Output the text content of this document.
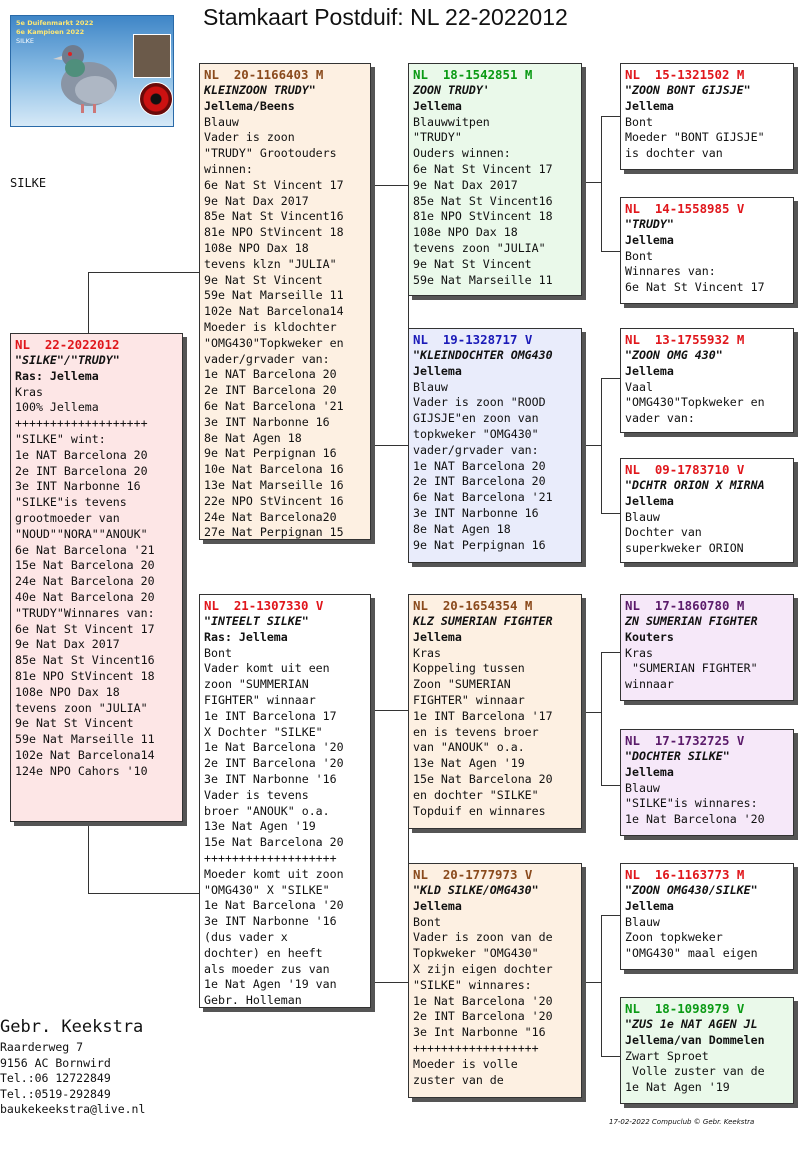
Stamkaart Postduif: NL 22-2022012
5e Duifenmarkt 2022
6e Kampioen 2022
SILKE
SILKE
NL  22-2022012
"SILKE"/"TRUDY"
Ras: Jellema
Kras
100% Jellema
+++++++++++++++++++
"SILKE" wint:
1e NAT Barcelona 20
2e INT Barcelona 20
3e INT Narbonne 16
"SILKE"is tevens
grootmoeder van
"NOUD""NORA""ANOUK"
6e Nat Barcelona '21
15e Nat Barcelona 20
24e Nat Barcelona 20
40e Nat Barcelona 20
"TRUDY"Winnares van:
6e Nat St Vincent 17
9e Nat Dax 2017
85e Nat St Vincent16
81e NPO StVincent 18
108e NPO Dax 18
tevens zoon "JULIA"
9e Nat St Vincent
59e Nat Marseille 11
102e Nat Barcelona14
124e NPO Cahors '10
NL  20-1166403 M
KLEINZOON TRUDY"
Jellema/Beens
Blauw
Vader is zoon
"TRUDY" Grootouders
winnen:
6e Nat St Vincent 17
9e Nat Dax 2017
85e Nat St Vincent16
81e NPO StVincent 18
108e NPO Dax 18
tevens klzn "JULIA"
9e Nat St Vincent
59e Nat Marseille 11
102e Nat Barcelona14
Moeder is kldochter
"OMG430"Topkweker en
vader/grvader van:
1e NAT Barcelona 20
2e INT Barcelona 20
6e Nat Barcelona '21
3e INT Narbonne 16
8e Nat Agen 18
9e Nat Perpignan 16
10e Nat Barcelona 16
13e Nat Marseille 16
22e NPO StVincent 16
24e Nat Barcelona20
27e Nat Perpignan 15
NL  21-1307330 V
"INTEELT SILKE"
Ras: Jellema
Bont
Vader komt uit een
zoon "SUMMERIAN
FIGHTER" winnaar
1e INT Barcelona 17
X Dochter "SILKE"
1e Nat Barcelona '20
2e INT Barcelona '20
3e INT Narbonne '16
Vader is tevens
broer "ANOUK" o.a.
13e Nat Agen '19
15e Nat Barcelona 20
+++++++++++++++++++
Moeder komt uit zoon
"OMG430" X "SILKE"
1e Nat Barcelona '20
3e INT Narbonne '16
(dus vader x
dochter) en heeft
als moeder zus van
1e Nat Agen '19 van
Gebr. Holleman
NL  18-1542851 M
ZOON TRUDY'
Jellema
Blauwwitpen
"TRUDY"
Ouders winnen:
6e Nat St Vincent 17
9e Nat Dax 2017
85e Nat St Vincent16
81e NPO StVincent 18
108e NPO Dax 18
tevens zoon "JULIA"
9e Nat St Vincent
59e Nat Marseille 11
NL  19-1328717 V
"KLEINDOCHTER OMG430
Jellema
Blauw
Vader is zoon "ROOD
GIJSJE"en zoon van
topkweker "OMG430"
vader/grvader van:
1e NAT Barcelona 20
2e INT Barcelona 20
6e Nat Barcelona '21
3e INT Narbonne 16
8e Nat Agen 18
9e Nat Perpignan 16
NL  20-1654354 M
KLZ SUMERIAN FIGHTER
Jellema
Kras
Koppeling tussen
Zoon "SUMERIAN
FIGHTER" winnaar
1e INT Barcelona '17
en is tevens broer
van "ANOUK" o.a.
13e Nat Agen '19
15e Nat Barcelona 20
en dochter "SILKE"
Topduif en winnares
NL  20-1777973 V
"KLD SILKE/OMG430"
Jellema
Bont
Vader is zoon van de
Topkweker "OMG430"
X zijn eigen dochter
"SILKE" winnares:
1e Nat Barcelona '20
2e INT Barcelona '20
3e Int Narbonne "16
++++++++++++++++++
Moeder is volle
zuster van de
NL  15-1321502 M
"ZOON BONT GIJSJE"
Jellema
Bont
Moeder "BONT GIJSJE"
is dochter van
NL  14-1558985 V
"TRUDY"
Jellema
Bont
Winnares van:
6e Nat St Vincent 17
NL  13-1755932 M
"ZOON OMG 430"
Jellema
Vaal
"OMG430"Topkweker en
vader van:
NL  09-1783710 V
"DCHTR ORION X MIRNA
Jellema
Blauw
Dochter van
superkweker ORION
NL  17-1860780 M
ZN SUMERIAN FIGHTER
Kouters
Kras
"SUMERIAN FIGHTER"
winnaar
NL  17-1732725 V
"DOCHTER SILKE"
Jellema
Blauw
"SILKE"is winnares:
1e Nat Barcelona '20
NL  16-1163773 M
"ZOON OMG430/SILKE"
Jellema
Blauw
Zoon topkweker
"OMG430" maal eigen
NL  18-1098979 V
"ZUS 1e NAT AGEN JL
Jellema/van Dommelen
Zwart Sproet
Volle zuster van de
1e Nat Agen '19
Gebr. Keekstra
Raarderweg 7
9156 AC Bornwird
Tel.:06 12722849
Tel.:0519-292849
baukekeekstra@live.nl
17-02-2022 Compuclub © Gebr. Keekstra
